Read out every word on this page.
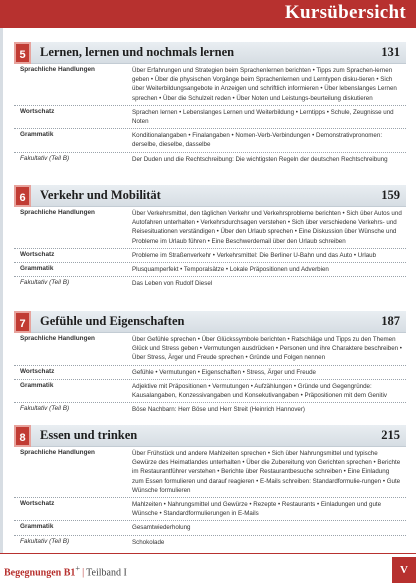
Kursübersicht
5	Lernen, lernen und nochmals lernen	131
Sprachliche Handlungen	Über Erfahrungen und Strategien beim Sprachenlernen berichten • Tipps zum Sprachen-lernen geben • Über die physischen Vorgänge beim Sprachenlernen und Lerntypen disku-tieren • Sich über Weiterbildungsangebote in Anzeigen und schriftlich informieren • Über lebenslanges Lernen sprechen • Über die Schulzeit reden • Über Noten und Leistungs-beurteilung diskutieren
Wortschatz	Sprachen lernen • Lebenslanges Lernen und Weiterbildung • Lerntipps • Schule, Zeugnisse und Noten
Grammatik	Konditionalangaben • Finalangaben • Nomen-Verb-Verbindungen • Demonstrativpronomen: derselbe, dieselbe, dasselbe
Fakultativ (Teil B)	Der Duden und die Rechtschreibung: Die wichtigsten Regeln der deutschen Rechtschreibung
6	Verkehr und Mobilität	159
Sprachliche Handlungen	Über Verkehrsmittel, den täglichen Verkehr und Verkehrsprobleme berichten • Sich über Autos und Autofahren unterhalten • Verkehrsdurchsagen verstehen • Sich über verschiedene Verkehrs- und Reisesituationen verständigen • Über den Urlaub sprechen • Eine Diskussion über Wünsche und Probleme im Urlaub führen • Eine Beschwerdemail über den Urlaub schreiben
Wortschatz	Probleme im Straßenverkehr • Verkehrsmittel: Die Berliner U-Bahn und das Auto • Urlaub
Grammatik	Plusquamperfekt • Temporalsätze • Lokale Präpositionen und Adverbien
Fakultativ (Teil B)	Das Leben von Rudolf Diesel
7	Gefühle und Eigenschaften	187
Sprachliche Handlungen	Über Gefühle sprechen • Über Glückssymbole berichten • Ratschläge und Tipps zu den Themen Glück und Stress geben • Vermutungen ausdrücken • Personen und ihre Charaktere beschreiben • Über Stress, Ärger und Freude sprechen • Gründe und Folgen nennen
Wortschatz	Gefühle • Vermutungen • Eigenschaften • Stress, Ärger und Freude
Grammatik	Adjektive mit Präpositionen • Vermutungen • Aufzählungen • Gründe und Gegengründe: Kausalangaben, Konzessivangaben und Konsekutivangaben • Präpositionen mit dem Genitiv
Fakultativ (Teil B)	Böse Nachbarn: Herr Böse und Herr Streit (Heinrich Hannover)
8	Essen und trinken	215
Sprachliche Handlungen	Über Frühstück und andere Mahlzeiten sprechen • Sich über Nahrungsmittel und typische Gewürze des Heimatlandes unterhalten • Über die Zubereitung von Gerichten sprechen • Berichte im Restaurantführer verstehen • Berichte über Restaurantbesuche schreiben • Eine Einladung zum Essen formulieren und darauf reagieren • E-Mails schreiben: Standardformulie-rungen • Gute Wünsche formulieren
Wortschatz	Mahlzeiten • Nahrungsmittel und Gewürze • Rezepte • Restaurants • Einladungen und gute Wünsche • Standardformulierungen in E-Mails
Grammatik	Gesamtwiederholung
Fakultativ (Teil B)	Schokolade
Begegnungen B1+ | Teilband I	V
